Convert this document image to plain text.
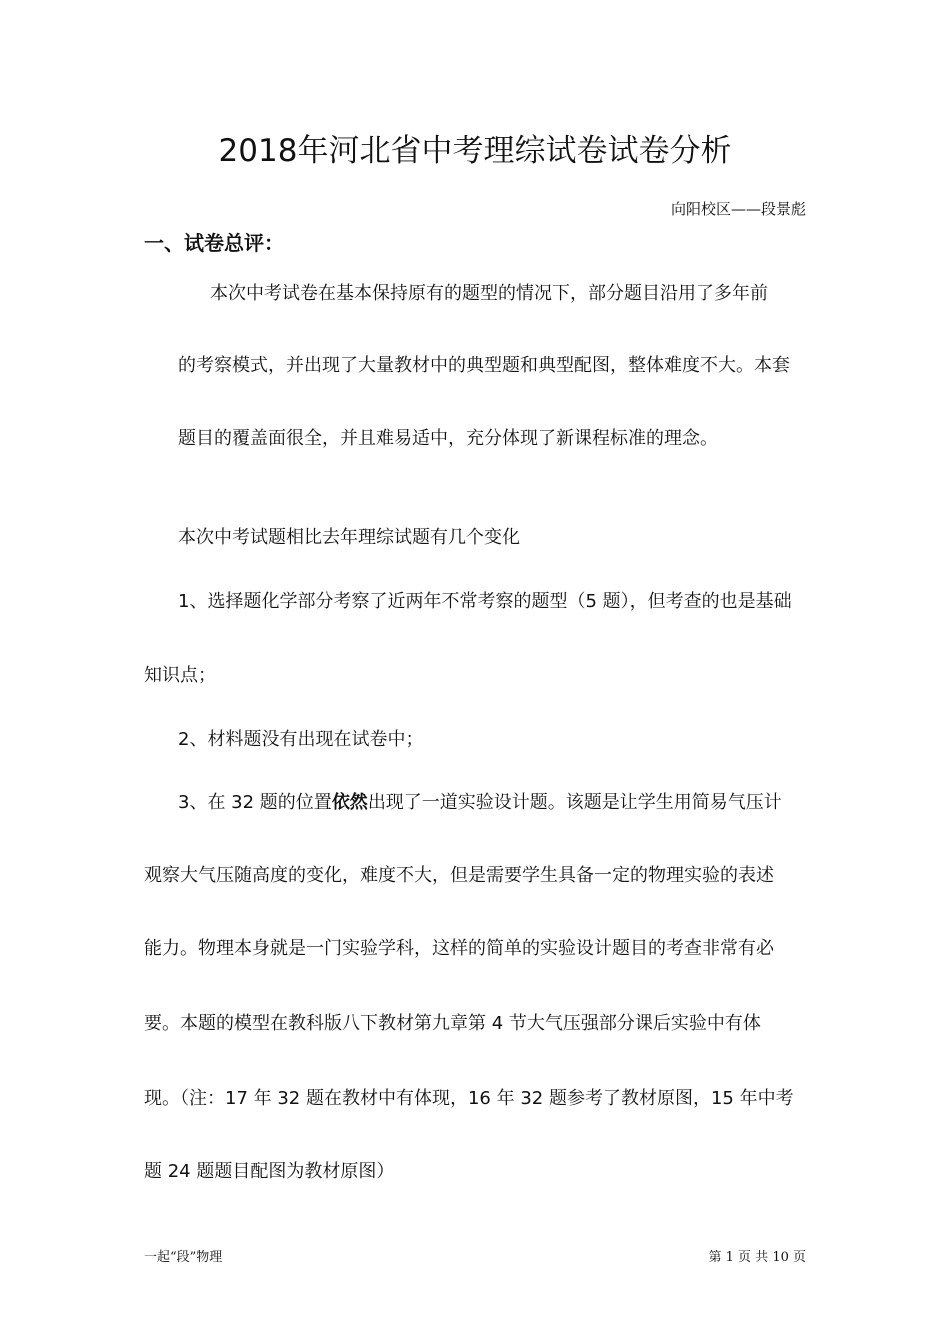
2018年河北省中考理综试卷试卷分析
向阳校区——段景彪
一、试卷总评：
本次中考试卷在基本保持原有的题型的情况下，部分题目沿用了多年前
的考察模式，并出现了大量教材中的典型题和典型配图，整体难度不大。本套
题目的覆盖面很全，并且难易适中，充分体现了新课程标准的理念。
本次中考试题相比去年理综试题有几个变化
1、选择题化学部分考察了近两年不常考察的题型（5 题），但考查的也是基础
知识点；
2、材料题没有出现在试卷中；
3、在 32 题的位置依然出现了一道实验设计题。该题是让学生用简易气压计
观察大气压随高度的变化，难度不大，但是需要学生具备一定的物理实验的表述
能力。物理本身就是一门实验学科，这样的简单的实验设计题目的考查非常有必
要。本题的模型在教科版八下教材第九章第 4 节大气压强部分课后实验中有体
现。（注：17 年 32 题在教材中有体现，16 年 32 题参考了教材原图，15 年中考
题 24 题题目配图为教材原图）
一起“段”物理	第 1 页 共 10 页
